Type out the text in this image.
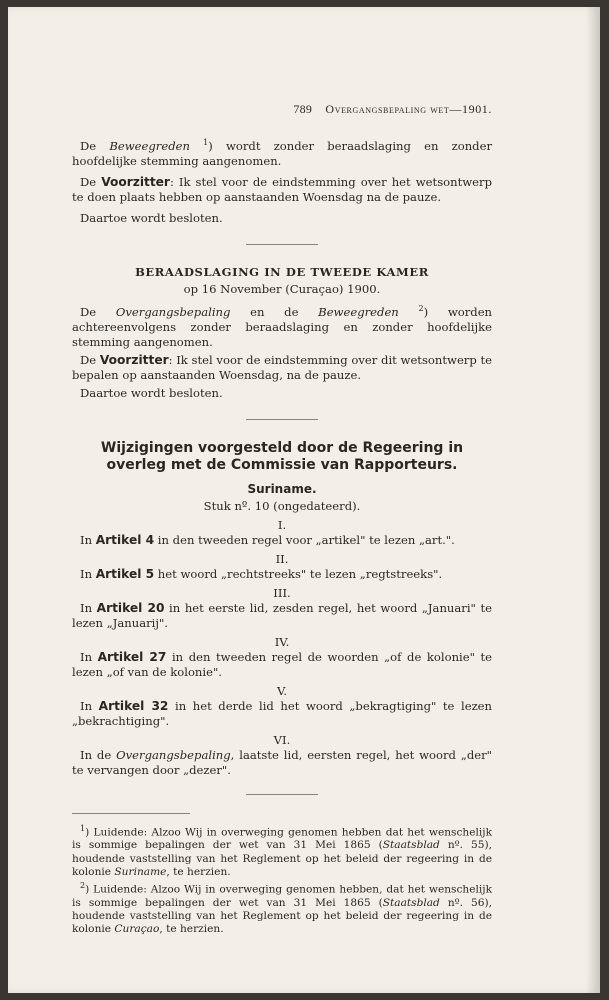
789 Overgangsbepaling wet—1901.

De Beweegreden $^1$) wordt zonder beraadslaging en zonder hoofdelijke stemming aangenomen.

De Voorzitter: Ik stel voor de eindstemming over het wetsontwerp te doen plaats hebben op aanstaanden Woensdag na de pauze.

Daartoe wordt besloten.

BERAADSLAGING IN DE TWEEDE KAMER
op 16 November (Curaçao) 1900.

De Overgangsbepaling en de Beweegreden $^2$) worden achtereenvolgens zonder beraadslaging en zonder hoofdelijke stemming aangenomen.

De Voorzitter: Ik stel voor de eindstemming over dit wetsontwerp te bepalen op aanstaanden Woensdag, na de pauze.

Daartoe wordt besloten.

Wijzigingen voorgesteld door de Regeering in overleg met de Commissie van Rapporteurs.
Suriname.
Stuk nº. 10 (ongedateerd).
I.

In Artikel 4 in den tweeden regel voor „artikel" te lezen „art.".

II.

In Artikel 5 het woord „rechtstreeks" te lezen „regtstreeks".

III.

In Artikel 20 in het eerste lid, zesden regel, het woord „Januari" te lezen „Januarij".

IV.

In Artikel 27 in den tweeden regel de woorden „of de kolonie" te lezen „of van de kolonie".

V.

In Artikel 32 in het derde lid het woord „bekragtiging" te lezen „bekrachtiging".

VI.

In de Overgangsbepaling, laatste lid, eersten regel, het woord „der" te vervangen door „dezer".

$^1$) Luidende: Alzoo Wij in overweging genomen hebben dat het wenschelijk is sommige bepalingen der wet van 31 Mei 1865 (Staatsblad nº. 55), houdende vaststelling van het Reglement op het beleid der regeering in de kolonie Suriname, te herzien.

$^2$) Luidende: Alzoo Wij in overweging genomen hebben, dat het wenschelijk is sommige bepalingen der wet van 31 Mei 1865 (Staatsblad nº. 56), houdende vaststelling van het Reglement op het beleid der regeering in de kolonie Curaçao, te herzien.
